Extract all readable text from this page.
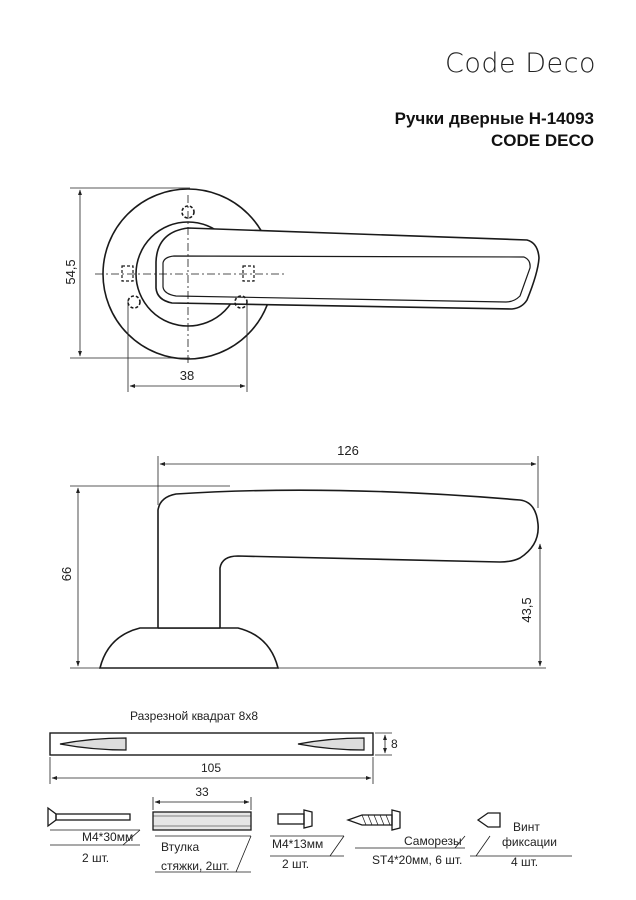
Code Deco
Ручки дверные H-14093
CODE DECO
54,5
38
126
66
43,5
Разрезной квадрат 8х8
105
8
М4*30мм
2 шт.
33
Втулка
стяжки, 2шт.
М4*13мм
2 шт.
Саморезы
ST4*20мм, 6 шт.
Винт
фиксации
4 шт.
